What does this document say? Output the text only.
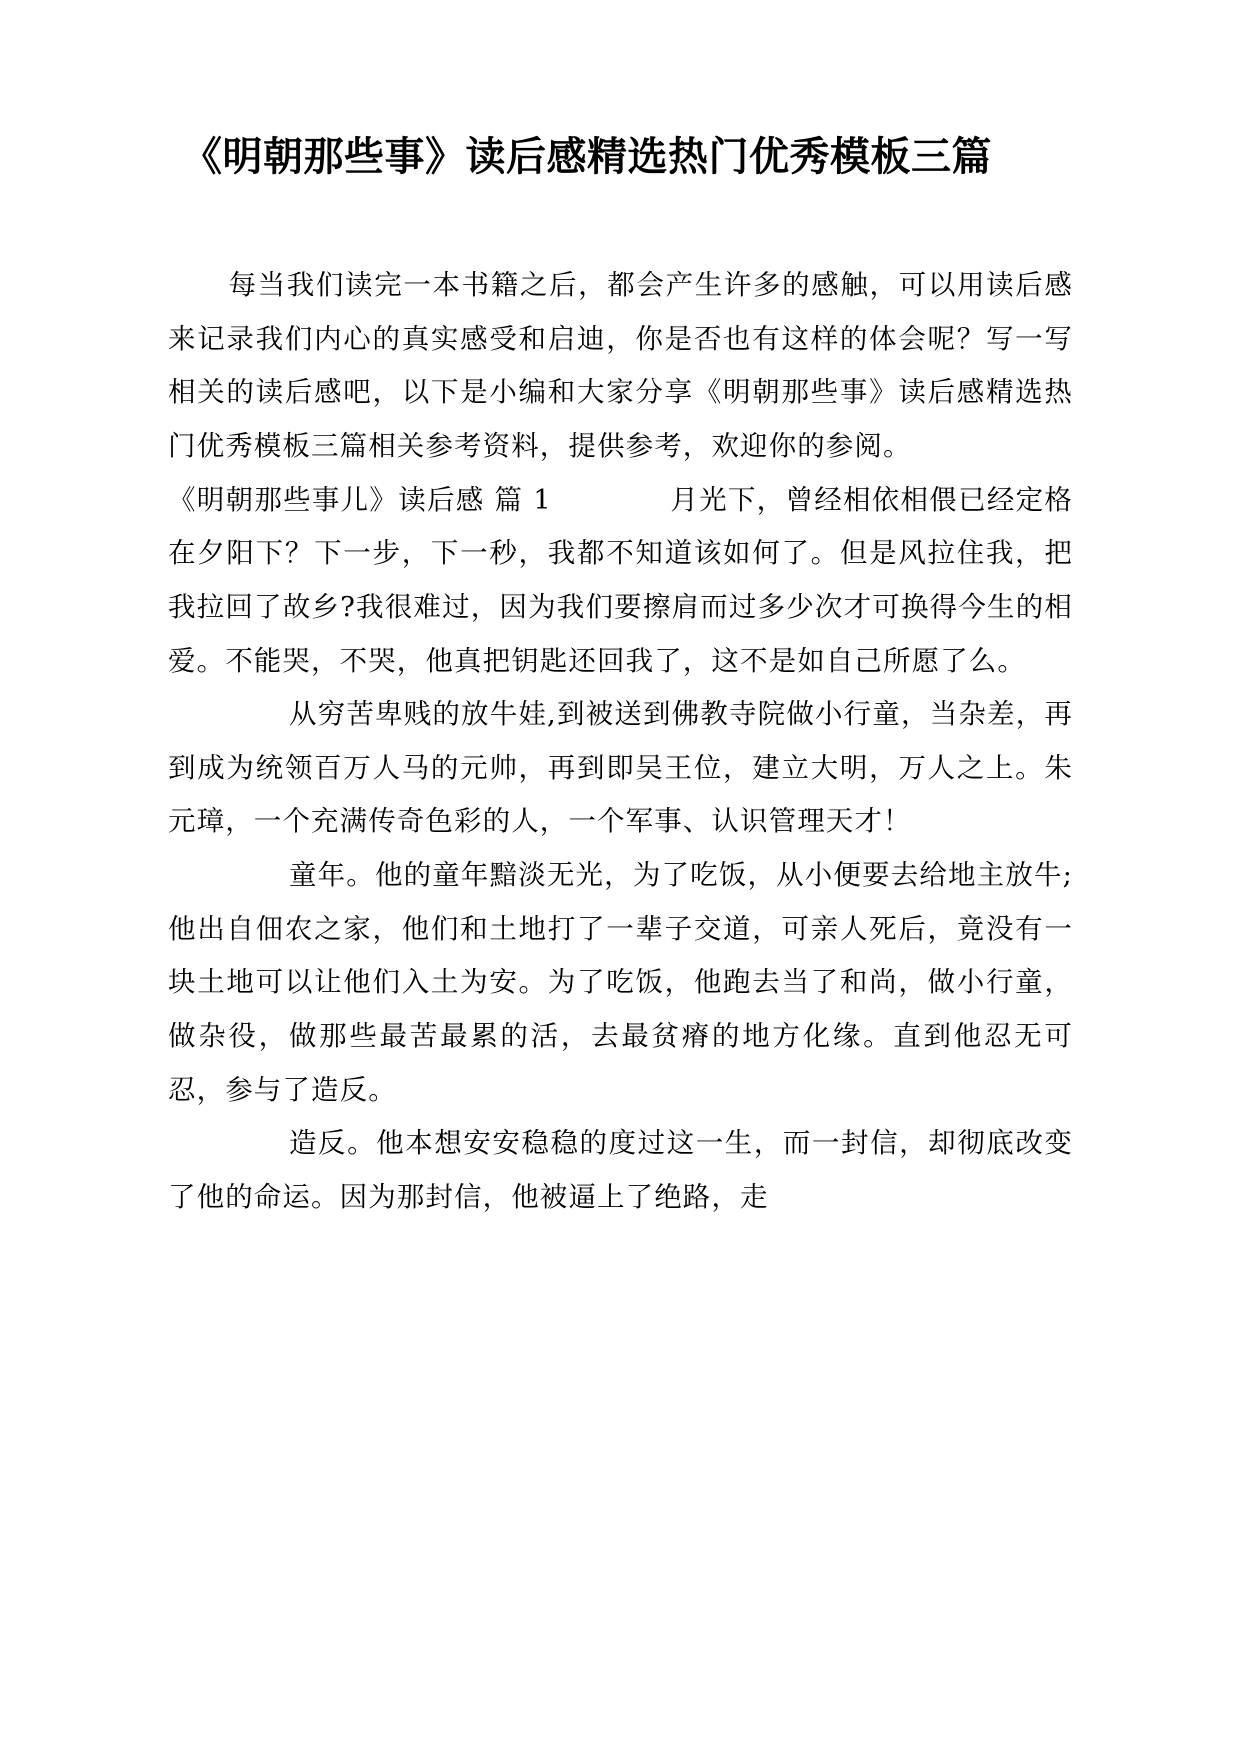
《明朝那些事》读后感精选热门优秀模板三篇

每当我们读完一本书籍之后，都会产生许多的感触，可以用读后感来记录我们内心的真实感受和启迪，你是否也有这样的体会呢？写一写相关的读后感吧，以下是小编和大家分享《明朝那些事》读后感精选热门优秀模板三篇相关参考资料，提供参考，欢迎你的参阅。

《明朝那些事儿》读后感 篇 1	月光下，曾经相依相偎已经定格在夕阳下？下一步，下一秒，我都不知道该如何了。但是风拉住我，把我拉回了故乡?我很难过，因为我们要擦肩而过多少次才可换得今生的相爱。不能哭，不哭，他真把钥匙还回我了，这不是如自己所愿了么。

从穷苦卑贱的放牛娃,到被送到佛教寺院做小行童，当杂差，再到成为统领百万人马的元帅，再到即吴王位，建立大明，万人之上。朱元璋，一个充满传奇色彩的人，一个军事、认识管理天才！

童年。他的童年黯淡无光，为了吃饭，从小便要去给地主放牛; 他出自佃农之家，他们和土地打了一辈子交道，可亲人死后，竟没有一块土地可以让他们入土为安。为了吃饭，他跑去当了和尚，做小行童，做杂役，做那些最苦最累的活，去最贫瘠的地方化缘。直到他忍无可忍，参与了造反。

造反。他本想安安稳稳的度过这一生，而一封信，却彻底改变了他的命运。因为那封信，他被逼上了绝路，走
